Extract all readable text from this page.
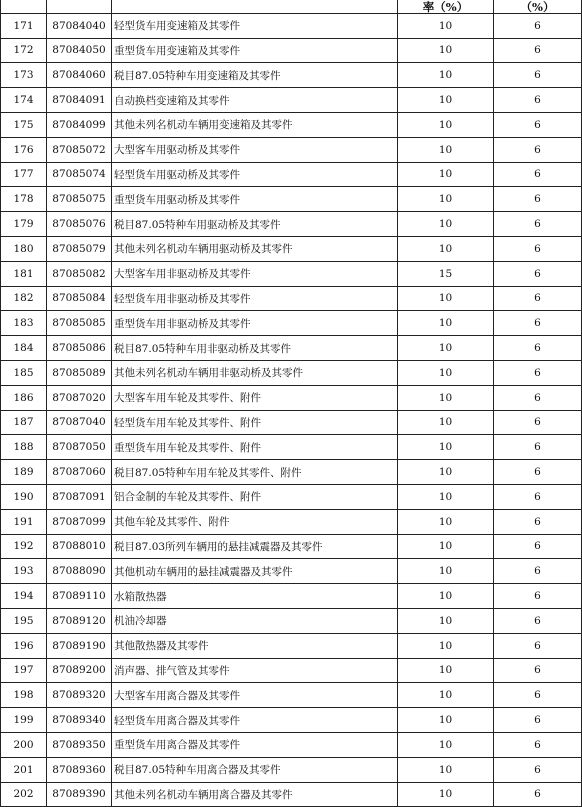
			率（%）	（%）
171	87084040	轻型货车用变速箱及其零件	10	6
172	87084050	重型货车用变速箱及其零件	10	6
173	87084060	税目87.05特种车用变速箱及其零件	10	6
174	87084091	自动换档变速箱及其零件	10	6
175	87084099	其他未列名机动车辆用变速箱及其零件	10	6
176	87085072	大型客车用驱动桥及其零件	10	6
177	87085074	轻型货车用驱动桥及其零件	10	6
178	87085075	重型货车用驱动桥及其零件	10	6
179	87085076	税目87.05特种车用驱动桥及其零件	10	6
180	87085079	其他未列名机动车辆用驱动桥及其零件	10	6
181	87085082	大型客车用非驱动桥及其零件	15	6
182	87085084	轻型货车用非驱动桥及其零件	10	6
183	87085085	重型货车用非驱动桥及其零件	10	6
184	87085086	税目87.05特种车用非驱动桥及其零件	10	6
185	87085089	其他未列名机动车辆用非驱动桥及其零件	10	6
186	87087020	大型客车用车轮及其零件、附件	10	6
187	87087040	轻型货车用车轮及其零件、附件	10	6
188	87087050	重型货车用车轮及其零件、附件	10	6
189	87087060	税目87.05特种车用车轮及其零件、附件	10	6
190	87087091	铝合金制的车轮及其零件、附件	10	6
191	87087099	其他车轮及其零件、附件	10	6
192	87088010	税目87.03所列车辆用的悬挂减震器及其零件	10	6
193	87088090	其他机动车辆用的悬挂减震器及其零件	10	6
194	87089110	水箱散热器	10	6
195	87089120	机油冷却器	10	6
196	87089190	其他散热器及其零件	10	6
197	87089200	消声器、排气管及其零件	10	6
198	87089320	大型客车用离合器及其零件	10	6
199	87089340	轻型货车用离合器及其零件	10	6
200	87089350	重型货车用离合器及其零件	10	6
201	87089360	税目87.05特种车用离合器及其零件	10	6
202	87089390	其他未列名机动车辆用离合器及其零件	10	6
